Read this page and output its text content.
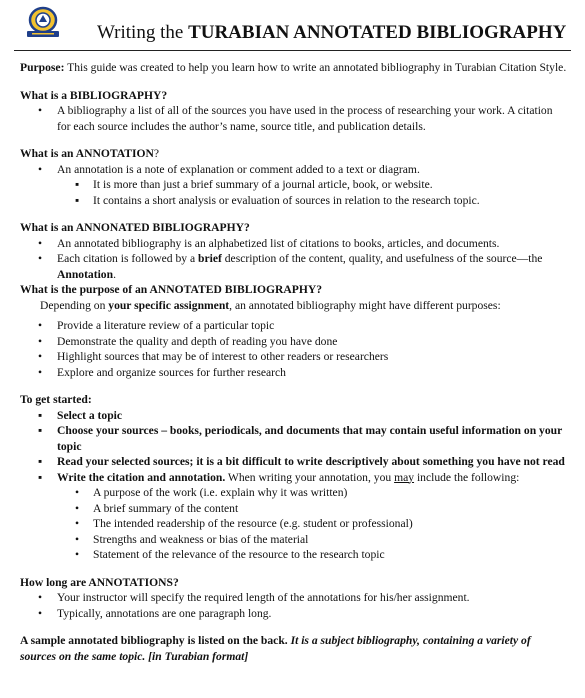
Writing the TURABIAN ANNOTATED BIBLIOGRAPHY

Purpose: This guide was created to help you learn how to write an annotated bibliography in Turabian Citation Style.

What is a BIBLIOGRAPHY?

• A bibliography a list of all of the sources you have used in the process of researching your work. A citation for each source includes the author’s name, source title, and publication details.

What is an ANNOTATION?

• An annotation is a note of explanation or comment added to a text or diagram.
▪ It is more than just a brief summary of a journal article, book, or website.
▪ It contains a short analysis or evaluation of sources in relation to the research topic.

What is an ANNONATED BIBLIOGRAPHY?

• An annotated bibliography is an alphabetized list of citations to books, articles, and documents.
• Each citation is followed by a brief description of the content, quality, and usefulness of the source—the Annotation.

What is the purpose of an ANNOTATED BIBLIOGRAPHY?

Depending on your specific assignment, an annotated bibliography might have different purposes:

• Provide a literature review of a particular topic
• Demonstrate the quality and depth of reading you have done
• Highlight sources that may be of interest to other readers or researchers
• Explore and organize sources for further research

To get started:

▪ Select a topic
▪ Choose your sources – books, periodicals, and documents that may contain useful information on your topic
▪ Read your selected sources; it is a bit difficult to write descriptively about something you have not read
▪ Write the citation and annotation. When writing your annotation, you may include the following:
• A purpose of the work (i.e. explain why it was written)
• A brief summary of the content
• The intended readership of the resource (e.g. student or professional)
• Strengths and weakness or bias of the material
• Statement of the relevance of the resource to the research topic

How long are ANNOTATIONS?

• Your instructor will specify the required length of the annotations for his/her assignment.
• Typically, annotations are one paragraph long.

A sample annotated bibliography is listed on the back. It is a subject bibliography, containing a variety of sources on the same topic. [in Turabian format]
